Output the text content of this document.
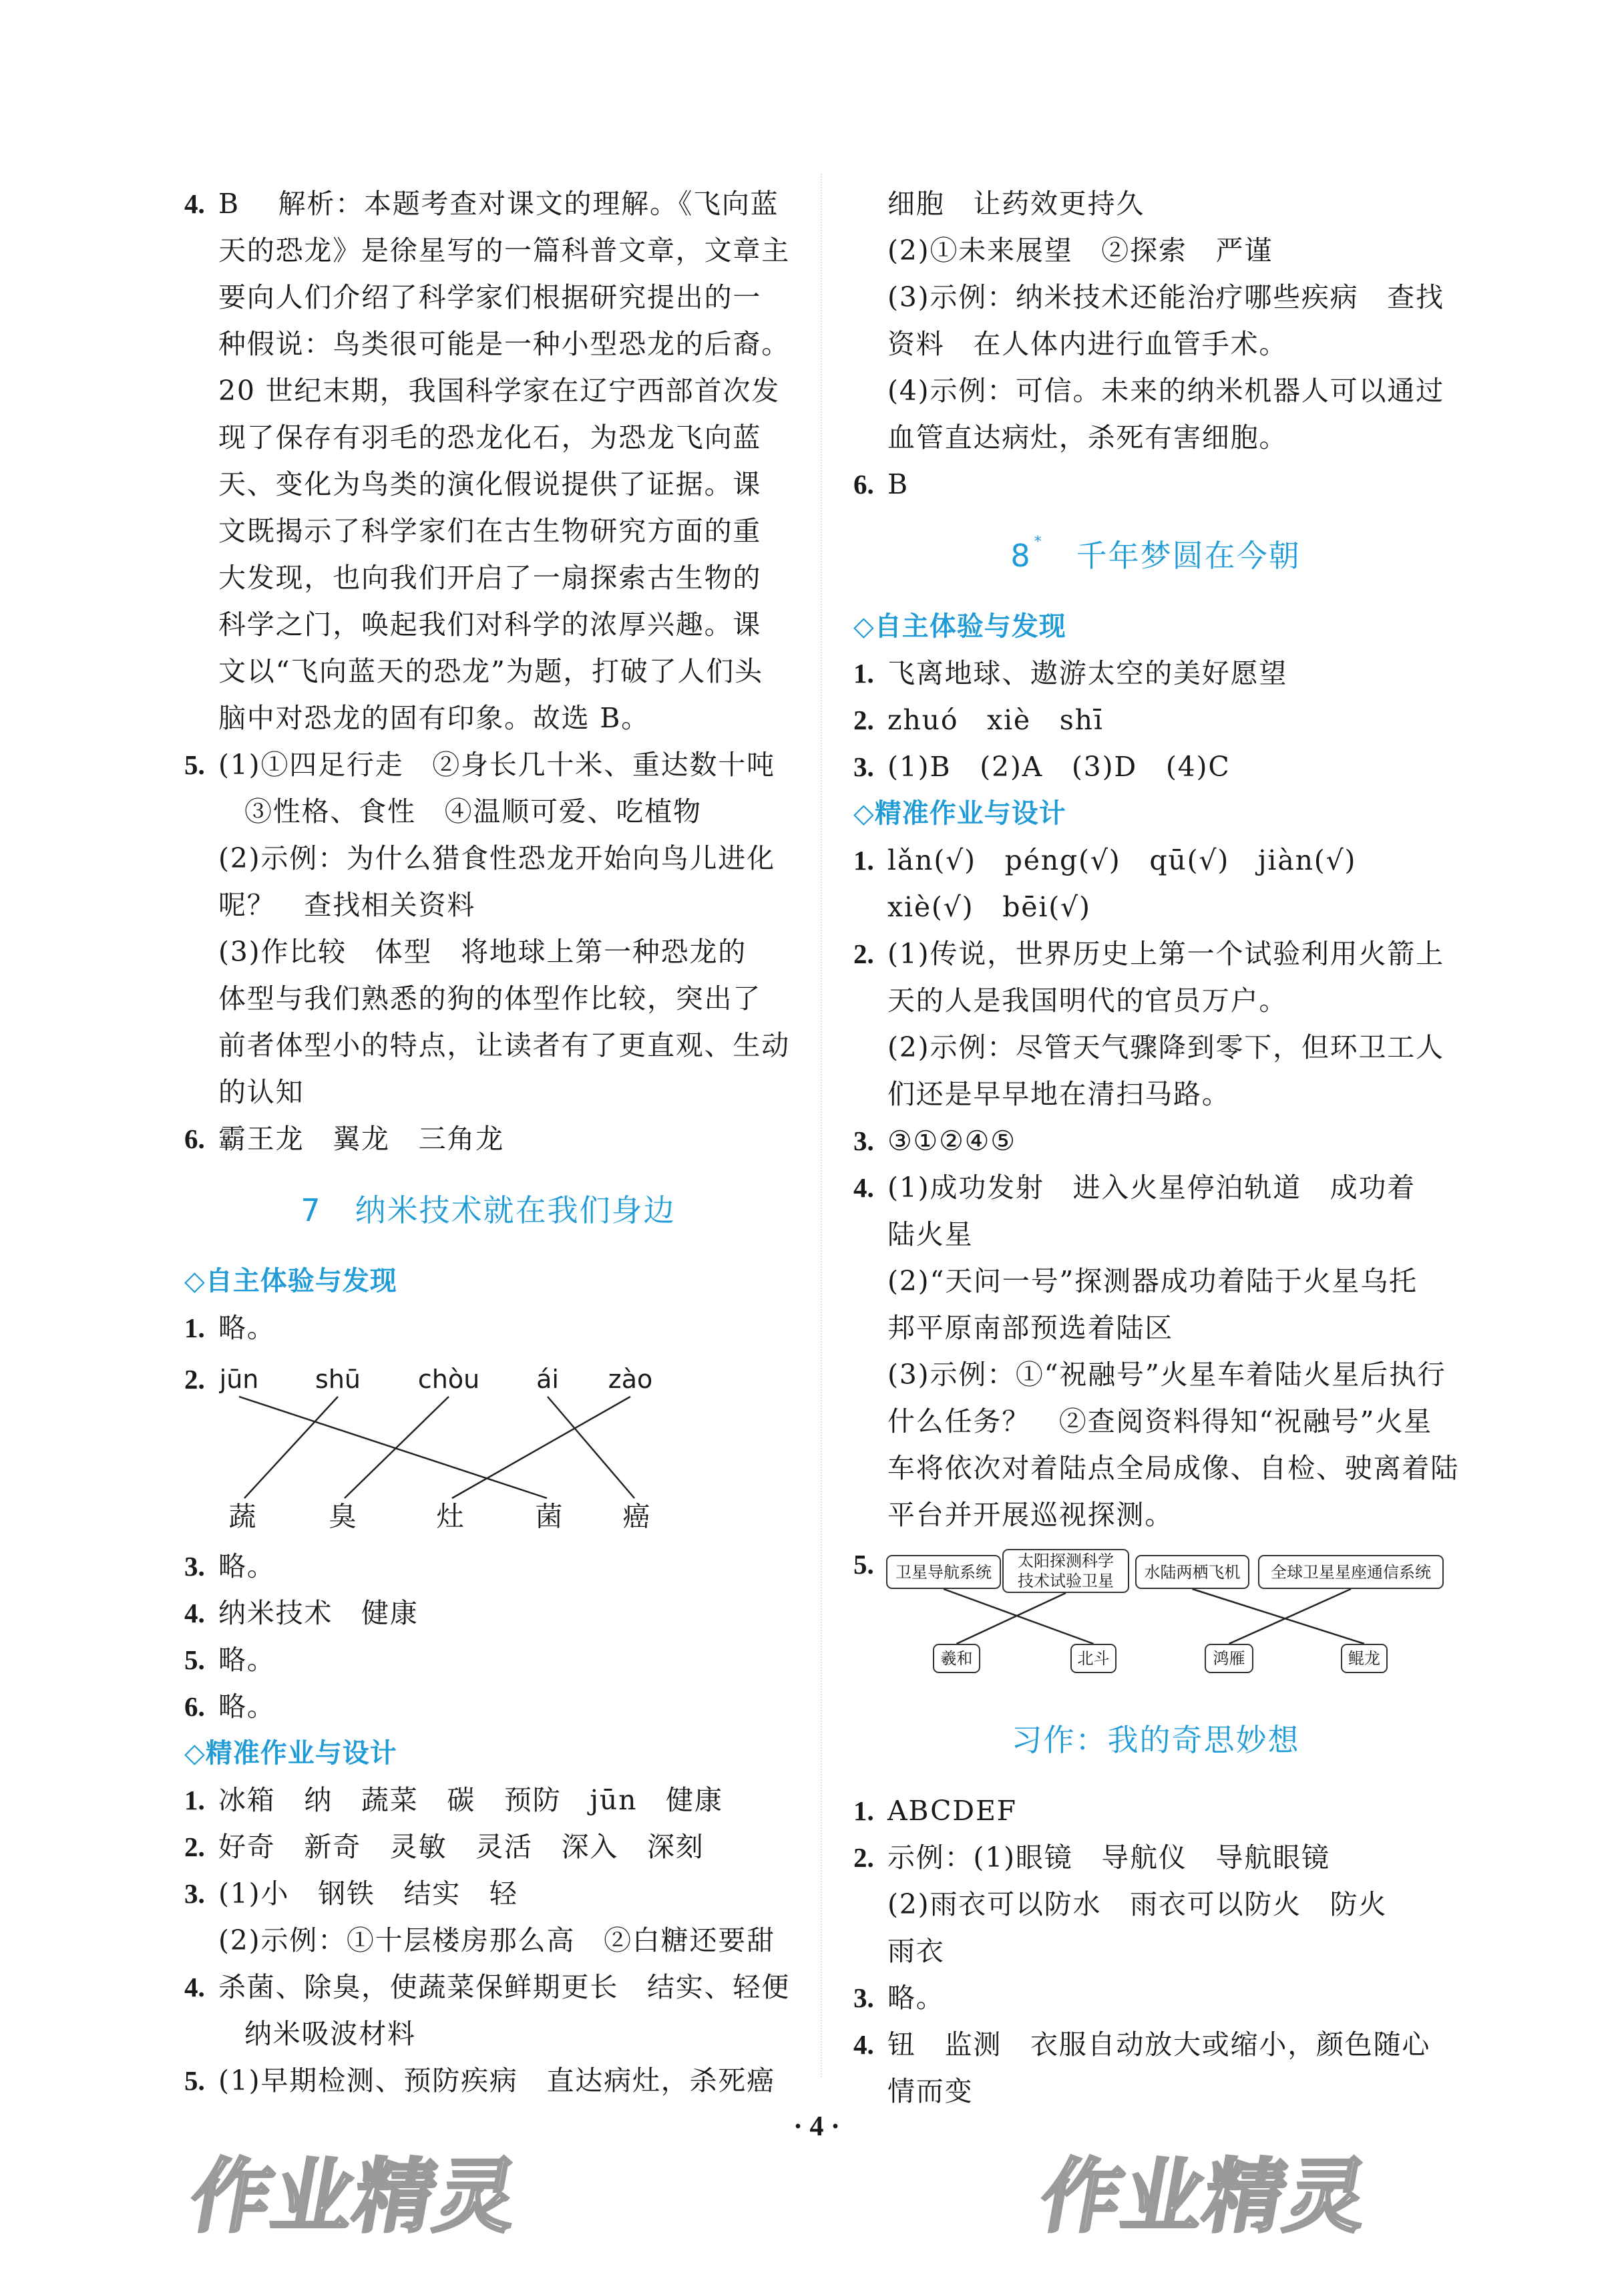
4. B　 解析：本题考查对课文的理解。《飞向蓝
天的恐龙》是徐星写的一篇科普文章，文章主
要向人们介绍了科学家们根据研究提出的一
种假说：鸟类很可能是一种小型恐龙的后裔。
20 世纪末期，我国科学家在辽宁西部首次发
现了保存有羽毛的恐龙化石，为恐龙飞向蓝
天、变化为鸟类的演化假说提供了证据。课
文既揭示了科学家们在古生物研究方面的重
大发现，也向我们开启了一扇探索古生物的
科学之门，唤起我们对科学的浓厚兴趣。课
文以“飞向蓝天的恐龙”为题，打破了人们头
脑中对恐龙的固有印象。故选 B。
5. (1)①四足行走　②身长几十米、重达数十吨
③性格、食性　④温顺可爱、吃植物
(2)示例：为什么猎食性恐龙开始向鸟儿进化
呢？　查找相关资料
(3)作比较　体型　将地球上第一种恐龙的
体型与我们熟悉的狗的体型作比较，突出了
前者体型小的特点，让读者有了更直观、生动
的认知
6. 霸王龙　翼龙　三角龙
7 纳米技术就在我们身边
◇自主体验与发现
1. 略。
2. jūn shū chòu ái zào
蔬	臭	灶	菌 癌
3. 略。
4. 纳米技术　健康
5. 略。
6. 略。
◇精准作业与设计
1. 冰箱　纳　蔬菜　碳　预防　jūn　健康
2. 好奇　新奇　灵敏　灵活　深入　深刻
3. (1)小　钢铁　结实　轻
(2)示例：①十层楼房那么高　②白糖还要甜
4. 杀菌、除臭，使蔬菜保鲜期更长　结实、轻便
纳米吸波材料
5. (1)早期检测、预防疾病　直达病灶，杀死癌
细胞　让药效更持久
(2)①未来展望　②探索　严谨
(3)示例：纳米技术还能治疗哪些疾病　查找
资料　在人体内进行血管手术。
(4)示例：可信。未来的纳米机器人可以通过
血管直达病灶，杀死有害细胞。
6. B
8 * 千年梦圆在今朝
◇自主体验与发现
1. 飞离地球、遨游太空的美好愿望
2. zhuó　xiè　shī
3. (1)B　(2)A　(3)D　(4)C
◇精准作业与设计
1. lǎn(√)　péng(√)　qū(√)　jiàn(√)
xiè(√)　bēi(√)
2. (1)传说，世界历史上第一个试验利用火箭上
天的人是我国明代的官员万户。
(2)示例：尽管天气骤降到零下，但环卫工人
们还是早早地在清扫马路。
3. ③①②④⑤
4. (1)成功发射　进入火星停泊轨道　成功着
陆火星
(2)“天问一号”探测器成功着陆于火星乌托
邦平原南部预选着陆区
(3)示例：①“祝融号”火星车着陆火星后执行
什么任务？　②查阅资料得知“祝融号”火星
车将依次对着陆点全局成像、自检、驶离着陆
平台并开展巡视探测。
5.	卫星导航系统
太阳探测科学技术试验卫星	水陆两栖飞机	全球卫星星座通信系统
羲和	北斗	鸿雁	鲲龙
习作：我的奇思妙想
1. ABCDEF
2. 示例：(1)眼镜　导航仪　导航眼镜
(2)雨衣可以防水　雨衣可以防火　防火
雨衣
3. 略。
4. 钮　监测　衣服自动放大或缩小，颜色随心
情而变
作业精灵
作业精灵
· 4 ·
